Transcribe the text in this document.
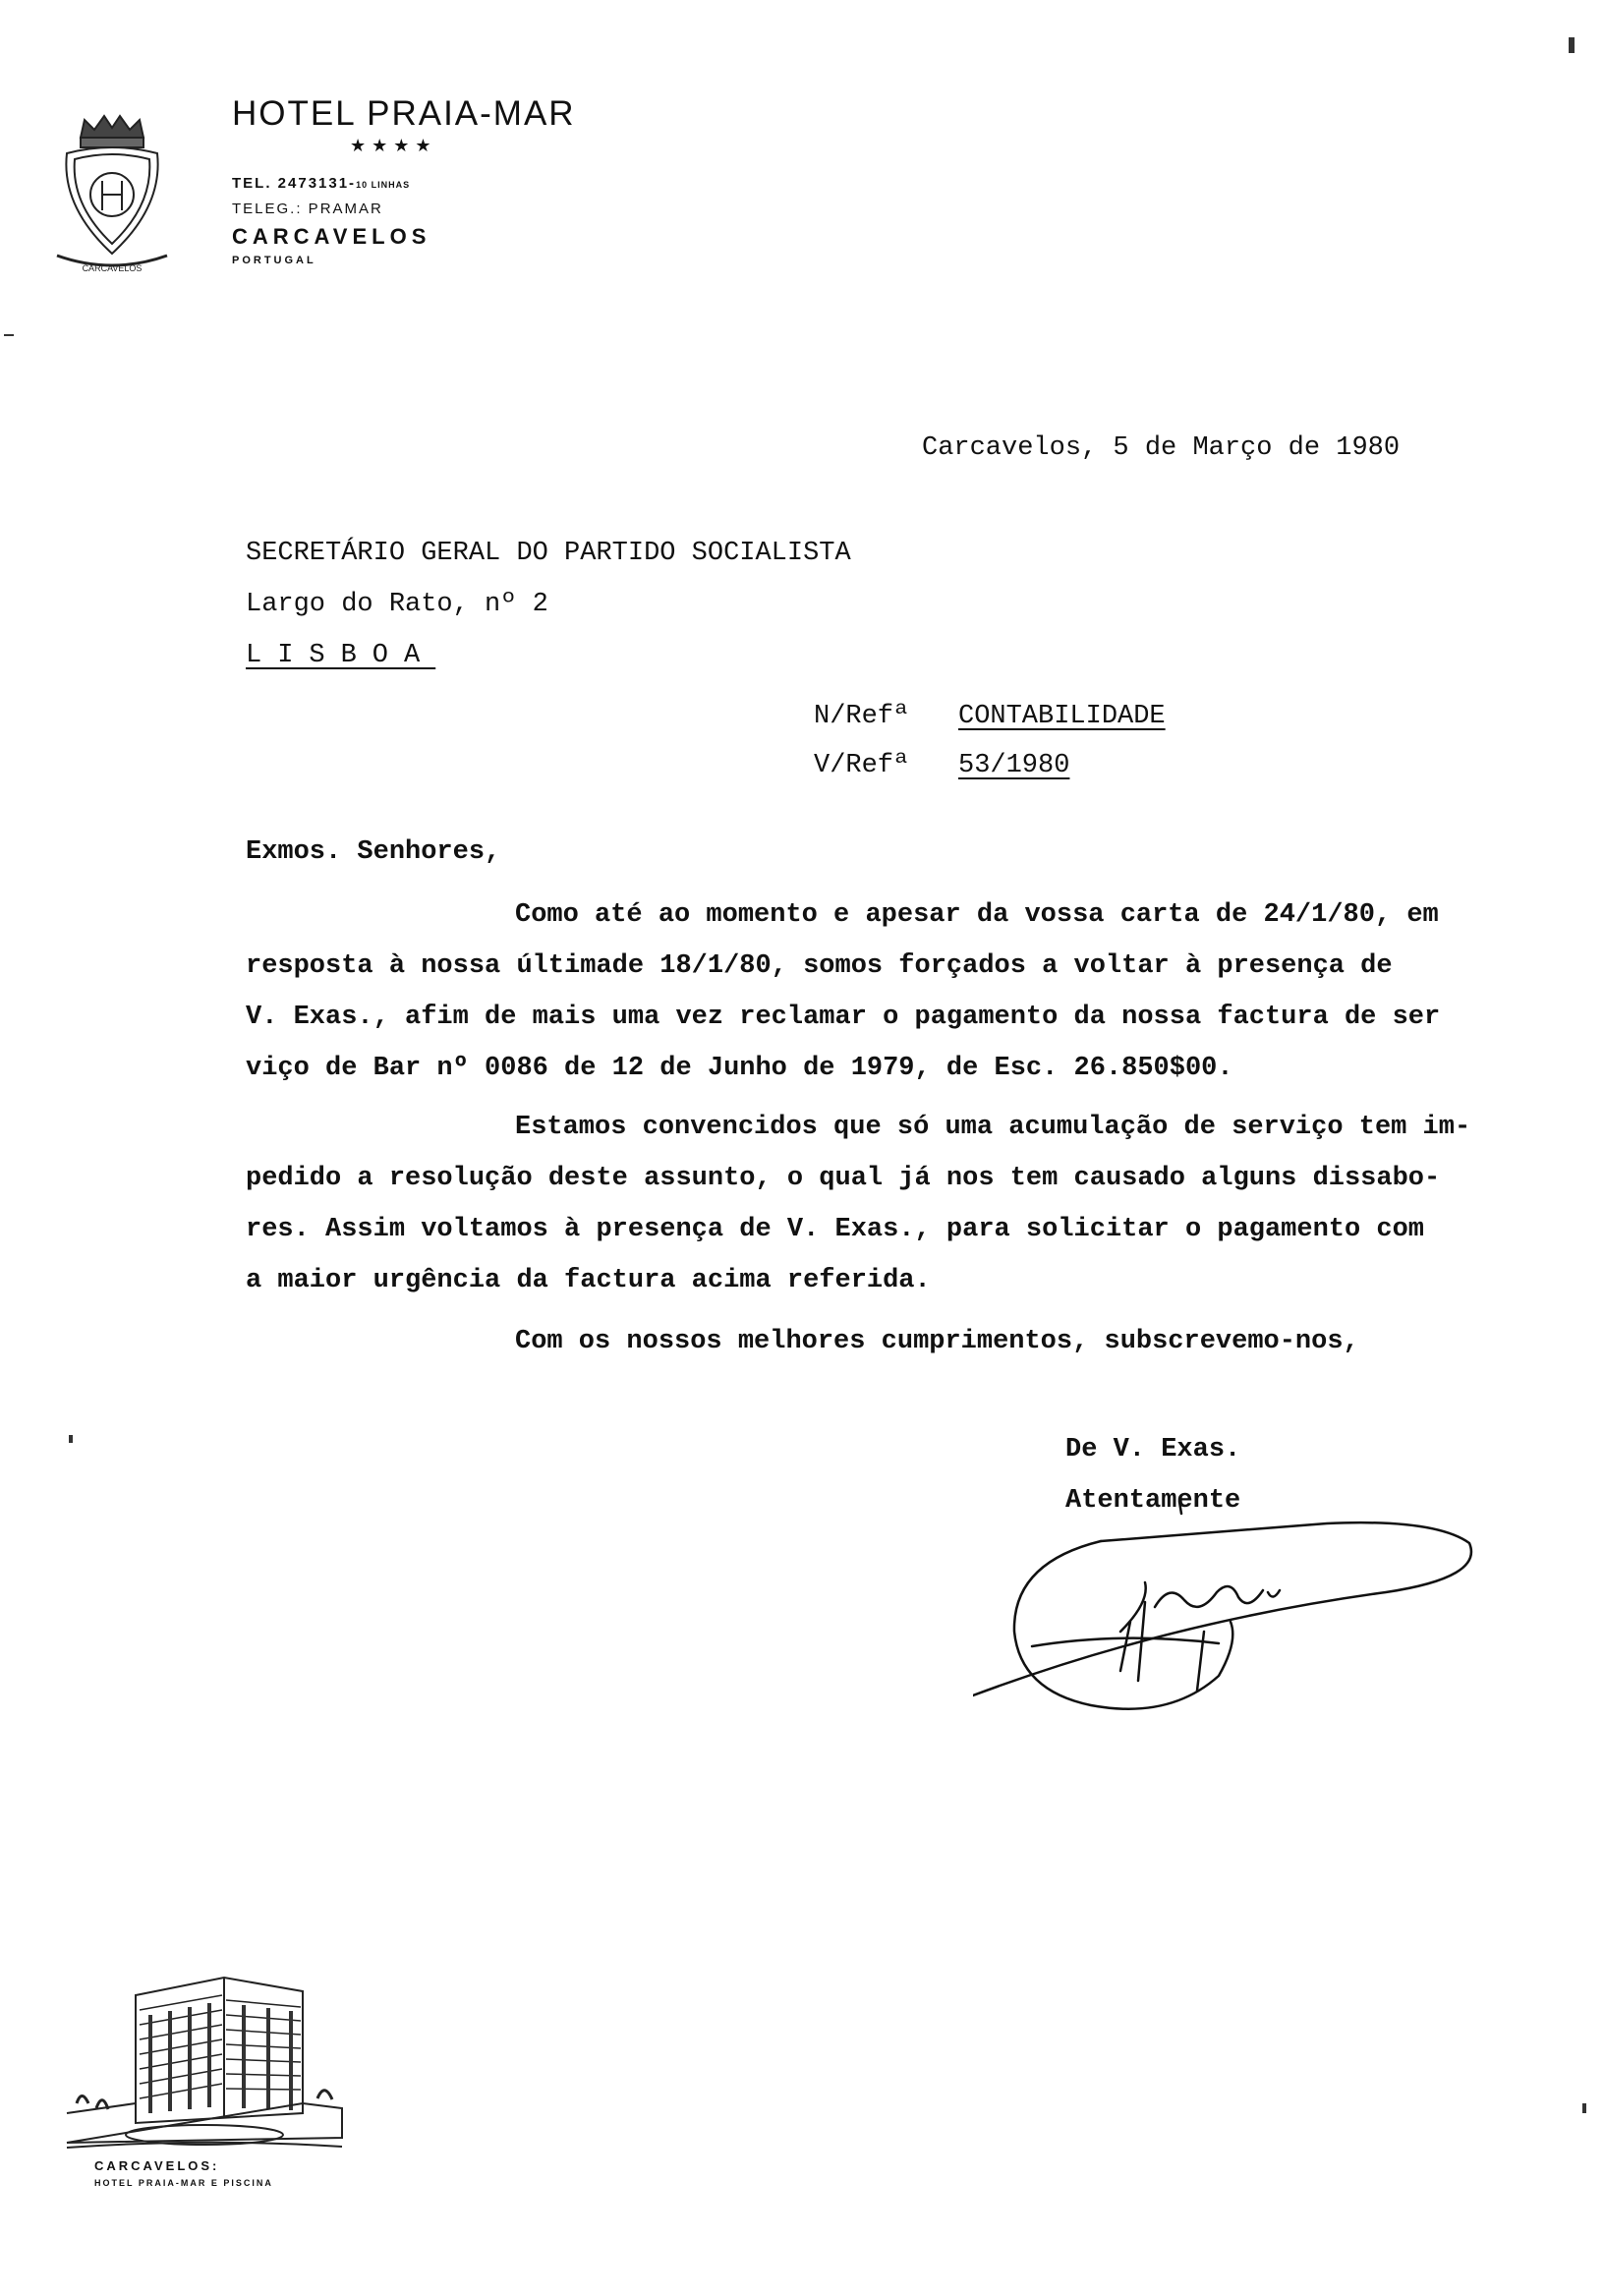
CARCAVELOS
HOTEL PRAIA-MAR
★★★★
TEL. 2473131-10 LINHAS
TELEG.: PRAMAR
CARCAVELOS
PORTUGAL
Carcavelos, 5 de Março de 1980
SECRETÁRIO GERAL DO PARTIDO SOCIALISTA
Largo do Rato, nº 2
LISBOA
N/Refª CONTABILIDADE
V/Refª 53/1980
Exmos. Senhores,
Como até ao momento e apesar da vossa carta de 24/1/80, em
resposta à nossa últimade 18/1/80, somos forçados a voltar à presença de
V. Exas., afim de mais uma vez reclamar o pagamento da nossa factura de ser
viço de Bar nº 0086 de 12 de Junho de 1979, de Esc. 26.850$00.
Estamos convencidos que só uma acumulação de serviço tem im-
pedido a resolução deste assunto, o qual já nos tem causado alguns dissabo-
res. Assim voltamos à presença de V. Exas., para solicitar o pagamento com
a maior urgência da factura acima referida.
Com os nossos melhores cumprimentos, subscrevemo-nos,
De V. Exas.
Atentamente
CARCAVELOS:
HOTEL PRAIA-MAR E PISCINA
